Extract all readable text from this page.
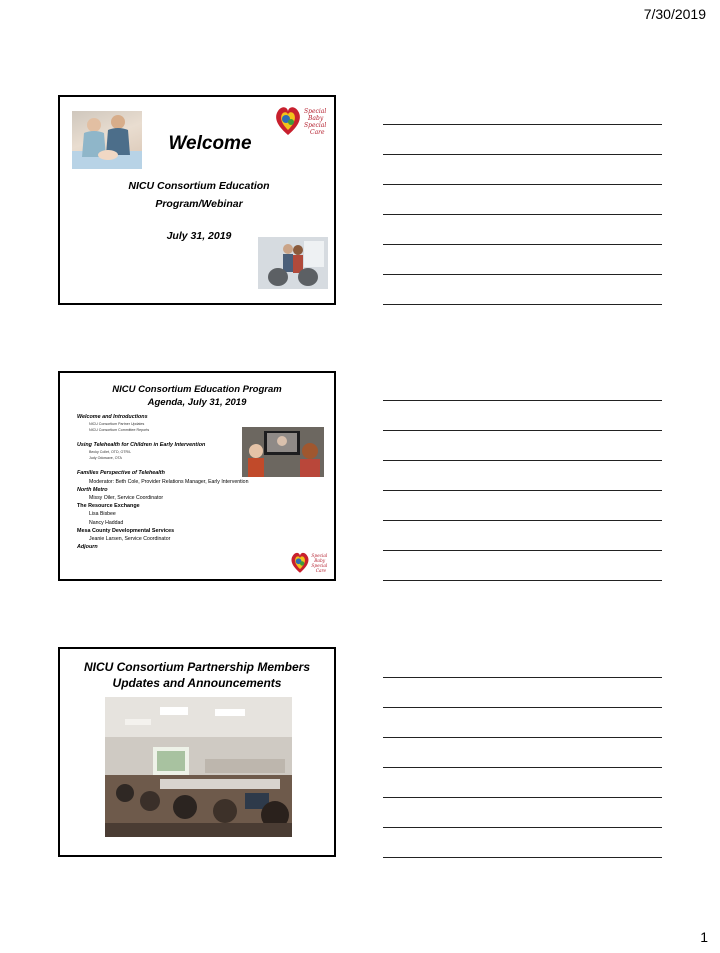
7/30/2019
Special
Baby
Special
Care
Welcome
NICU Consortium Education
Program/Webinar
July 31, 2019
NICU Consortium Education Program
Agenda, July 31, 2019
Welcome and Introductions
NICU Consortium Partner Updates
NICU Consortium Committee Reports
Using Telehealth for Children in Early Intervention
Becky Collet, OTD, OTR/L
Judy Odowave, OTA
Families Perspective of Telehealth
Moderator: Beth Cole, Provider Relations Manager, Early Intervention
North Metro
Missy Oiler, Service Coordinator
The Resource Exchange
Lisa Bisbee
Nancy Haddad
Mesa County Developmental Services
Jeanie Larsen, Service Coordinator
Adjourn
Special
Baby
Special
Care
NICU Consortium Partnership Members
Updates and Announcements
1
